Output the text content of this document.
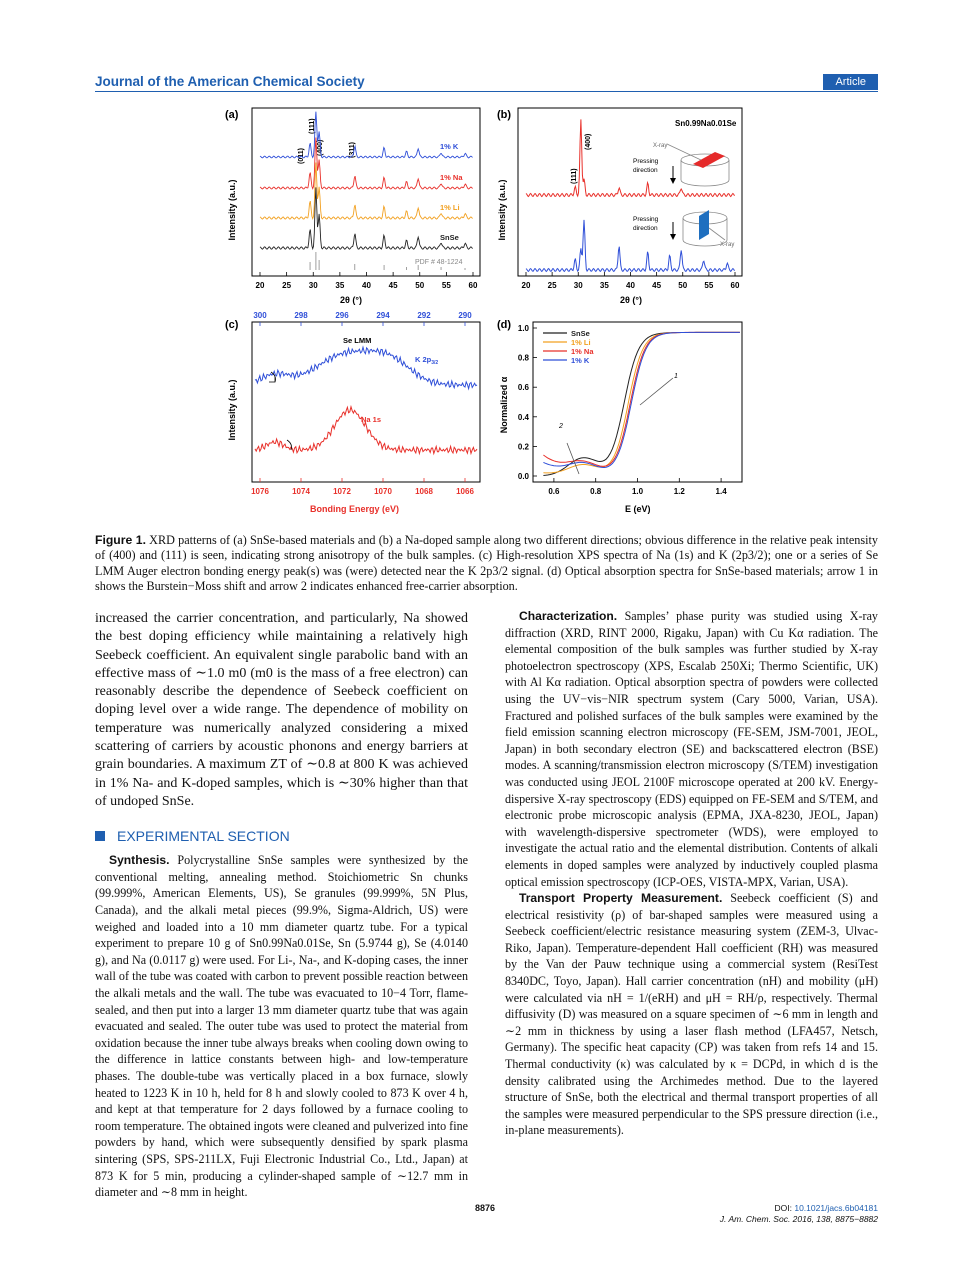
Journal of the American Chemical Society	Article
(a)
Intensity (a.u.)
20 25 30 35 40 45 50 55 60
2θ (°)
(011)
(400)
(111)
(311)	1% K
1% Na
1% Li
SnSe
PDF # 48-1224
(b)
Intensity (a.u.)
20 25 30 35 40 45 50 55 60
2θ (°)
(400)
(111)
Sn0.99Na0.01Se
X-ray
Pressing
direction
Pressing
direction
X-ray
(c)
300	298	296	294	292	290
1076	1074	1072	1070	1068	1066
Intensity (a.u.)
Bonding Energy (eV)
Se LMM
K $2p_{3/2}$
Na 1s
(d)
Normalized α
E (eV)
0.6	0.8	1.0	1.2	1.4
0.0
0.2
0.4
0.6
0.8
1.0
SnSe
1% Li
1% Na
1% K
1
2
Figure 1. XRD patterns of (a) SnSe-based materials and (b) a Na-doped sample along two different directions; obvious difference in the relative peak intensity of (400) and (111) is seen, indicating strong anisotropy of the bulk samples. (c) High-resolution XPS spectra of Na (1s) and K (2p3/2); one or a series of Se LMM Auger electron bonding energy peak(s) was (were) detected near the K 2p3/2 signal. (d) Optical absorption spectra for SnSe-based materials; arrow 1 in shows the Burstein−Moss shift and arrow 2 indicates enhanced free-carrier absorption.
increased the carrier concentration, and particularly, Na showed the best doping efficiency while maintaining a relatively high Seebeck coefficient. An equivalent single parabolic band with an effective mass of ∼1.0 m0 (m0 is the mass of a free electron) can reasonably describe the dependence of Seebeck coefficient on doping level over a wide range. The dependence of mobility on temperature was numerically analyzed considering a mixed scattering of carriers by acoustic phonons and energy barriers at grain boundaries. A maximum ZT of ∼0.8 at 800 K was achieved in 1% Na- and K-doped samples, which is ∼30% higher than that of undoped SnSe.
EXPERIMENTAL SECTION

Synthesis. Polycrystalline SnSe samples were synthesized by the conventional melting, annealing method. Stoichiometric Sn chunks (99.999%, American Elements, US), Se granules (99.999%, 5N Plus, Canada), and the alkali metal pieces (99.9%, Sigma-Aldrich, US) were weighed and loaded into a 10 mm diameter quartz tube. For a typical experiment to prepare 10 g of Sn0.99Na0.01Se, Sn (5.9744 g), Se (4.0140 g), and Na (0.0117 g) were used. For Li-, Na-, and K-doping cases, the inner wall of the tube was coated with carbon to prevent possible reaction between the alkali metals and the wall. The tube was evacuated to 10−4 Torr, flame-sealed, and then put into a larger 13 mm diameter quartz tube that was again evacuated and sealed. The outer tube was used to protect the material from oxidation because the inner tube always breaks when cooling down owing to the difference in lattice constants between high- and low-temperature phases. The double-tube was vertically placed in a box furnace, slowly heated to 1223 K in 10 h, held for 8 h and slowly cooled to 873 K over 4 h, and kept at that temperature for 2 days followed by a furnace cooling to room temperature. The obtained ingots were cleaned and pulverized into fine powders by hand, which were subsequently densified by spark plasma sintering (SPS, SPS-211LX, Fuji Electronic Industrial Co., Ltd., Japan) at 873 K for 5 min, producing a cylinder-shaped sample of ∼12.7 mm in diameter and ∼8 mm in height.

Characterization. Samples’ phase purity was studied using X-ray diffraction (XRD, RINT 2000, Rigaku, Japan) with Cu Kα radiation. The elemental composition of the bulk samples was further studied by X-ray photoelectron spectroscopy (XPS, Escalab 250Xi; Thermo Scientific, UK) with Al Kα radiation. Optical absorption spectra of powders were collected using the UV−vis−NIR spectrum system (Cary 5000, Varian, USA). Fractured and polished surfaces of the bulk samples were examined by the field emission scanning electron microscopy (FE-SEM, JSM-7001, JEOL, Japan) in both secondary electron (SE) and backscattered electron (BSE) modes. A scanning/transmission electron microscopy (S/TEM) investigation was conducted using JEOL 2100F microscope operated at 200 kV. Energy-dispersive X-ray spectroscopy (EDS) equipped on FE-SEM and S/TEM, and electronic probe microscopic analysis (EPMA, JXA-8230, JEOL, Japan) with wavelength-dispersive spectrometer (WDS), were employed to investigate the actual ratio and the elemental distribution. Contents of alkali elements in doped samples were analyzed by inductively coupled plasma optical emission spectroscopy (ICP-OES, VISTA-MPX, Varian, USA).

Transport Property Measurement. Seebeck coefficient (S) and electrical resistivity (ρ) of bar-shaped samples were measured using a Seebeck coefficient/electric resistance measuring system (ZEM-3, Ulvac-Riko, Japan). Temperature-dependent Hall coefficient (RH) was measured by the Van der Pauw technique using a commercial system (ResiTest 8340DC, Toyo, Japan). Hall carrier concentration (nH) and mobility (μH) were calculated via nH = 1/(eRH) and μH = RH/ρ, respectively. Thermal diffusivity (D) was measured on a square specimen of ∼6 mm in length and ∼2 mm in thickness by using a laser flash method (LFA457, Netsch, Germany). The specific heat capacity (CP) was taken from refs 14 and 15. Thermal conductivity (κ) was calculated by κ = DCPd, in which d is the density calibrated using the Archimedes method. Due to the layered structure of SnSe, both the electrical and thermal transport properties of all the samples were measured perpendicular to the SPS pressure direction (i.e., in-plane measurements).

8876	DOI: 10.1021/jacs.6b04181
J. Am. Chem. Soc. 2016, 138, 8875−8882
